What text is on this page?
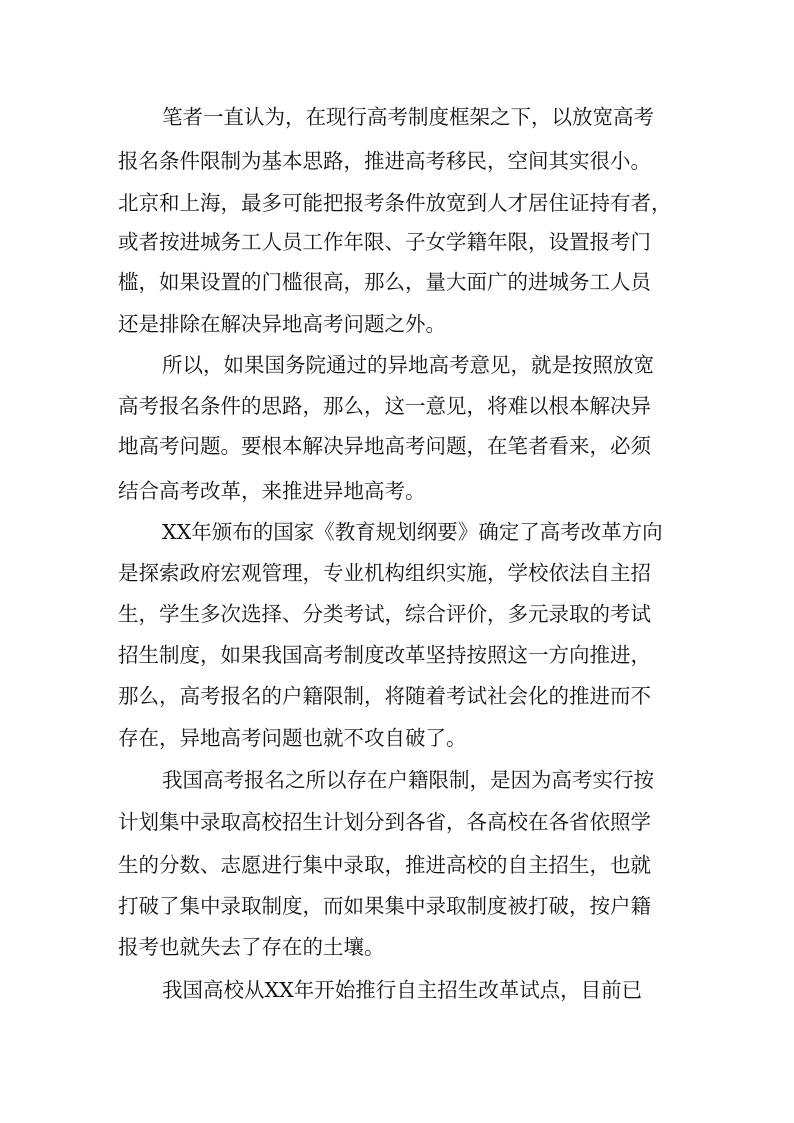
笔者一直认为，在现行高考制度框架之下，以放宽高考
报名条件限制为基本思路，推进高考移民，空间其实很小。
北京和上海，最多可能把报考条件放宽到人才居住证持有者，
或者按进城务工人员工作年限、子女学籍年限，设置报考门
槛，如果设置的门槛很高，那么，量大面广的进城务工人员
还是排除在解决异地高考问题之外。
所以，如果国务院通过的异地高考意见，就是按照放宽
高考报名条件的思路，那么，这一意见，将难以根本解决异
地高考问题。要根本解决异地高考问题，在笔者看来，必须
结合高考改革，来推进异地高考。
XX年颁布的国家《教育规划纲要》确定了高考改革方向
是探索政府宏观管理，专业机构组织实施，学校依法自主招
生，学生多次选择、分类考试，综合评价，多元录取的考试
招生制度，如果我国高考制度改革坚持按照这一方向推进，
那么，高考报名的户籍限制，将随着考试社会化的推进而不
存在，异地高考问题也就不攻自破了。
我国高考报名之所以存在户籍限制，是因为高考实行按
计划集中录取高校招生计划分到各省，各高校在各省依照学
生的分数、志愿进行集中录取，推进高校的自主招生，也就
打破了集中录取制度，而如果集中录取制度被打破，按户籍
报考也就失去了存在的土壤。
我国高校从XX年开始推行自主招生改革试点，目前已
